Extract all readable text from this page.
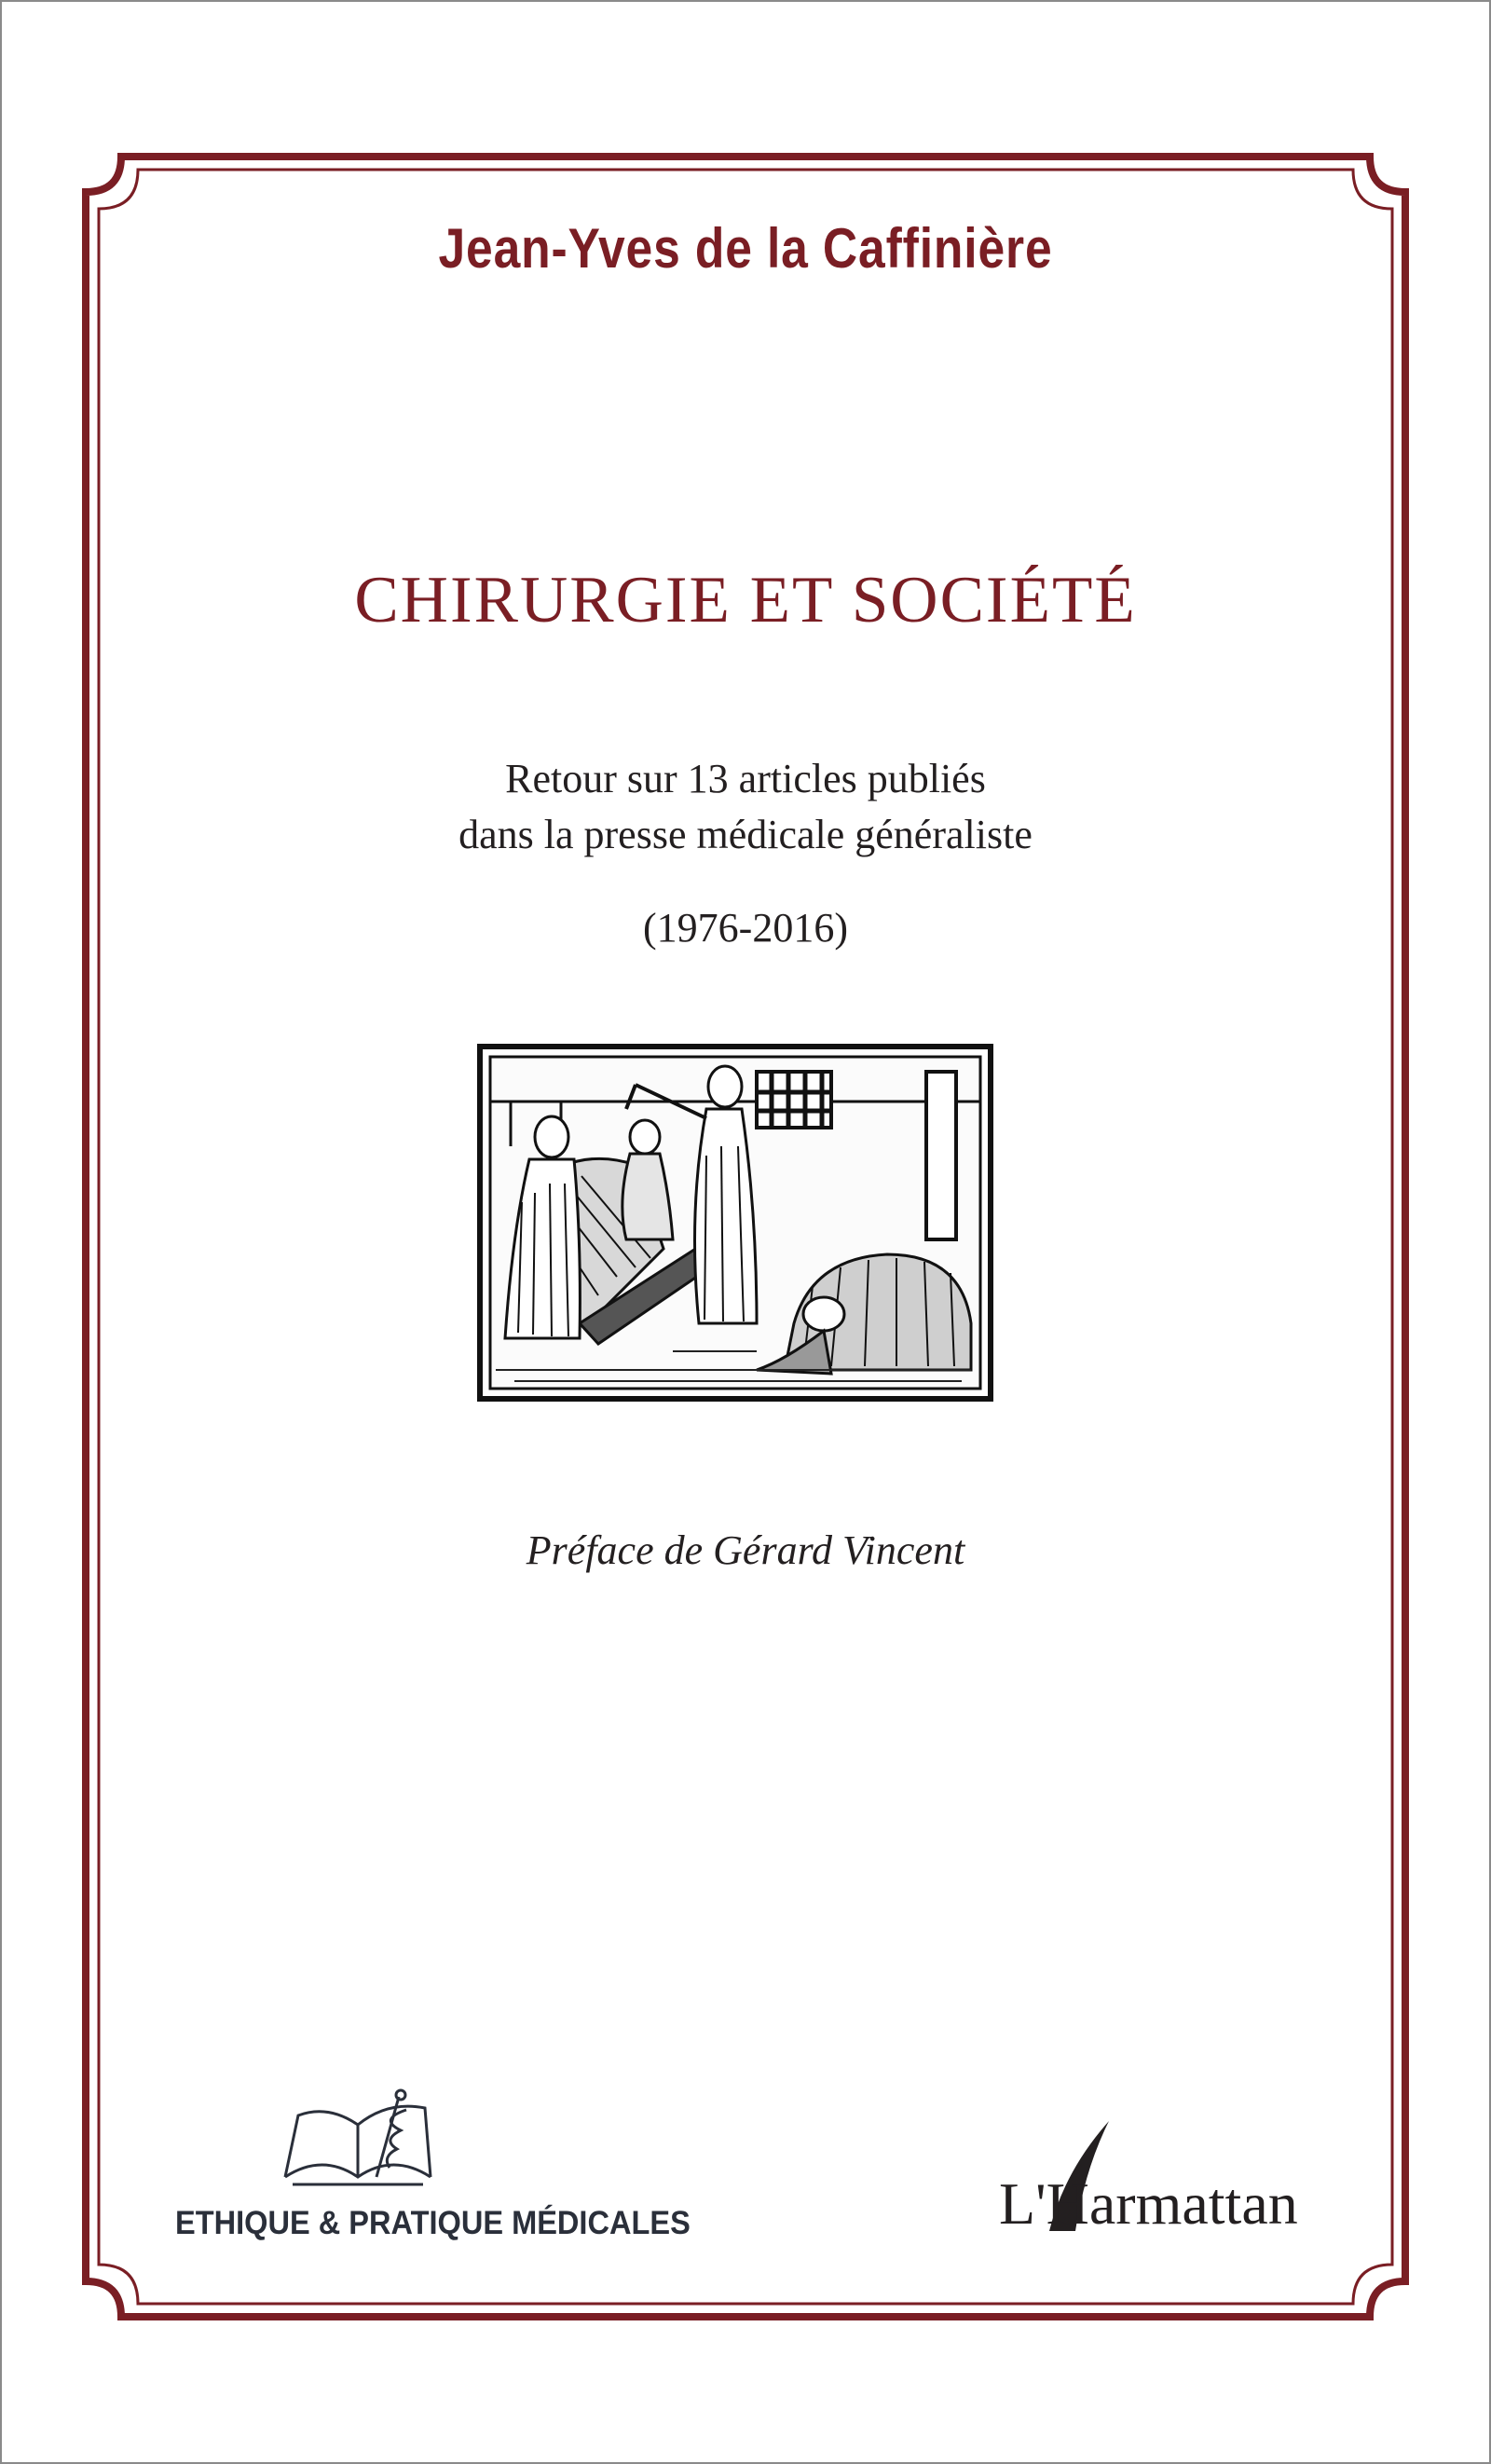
Jean-Yves de la Caffinière
CHIRURGIE ET SOCIÉTÉ
Retour sur 13 articles publiés
dans la presse médicale généraliste
(1976-2016)
Préface de Gérard Vincent
ETHIQUE & PRATIQUE MÉDICALES	L'Harmattan
